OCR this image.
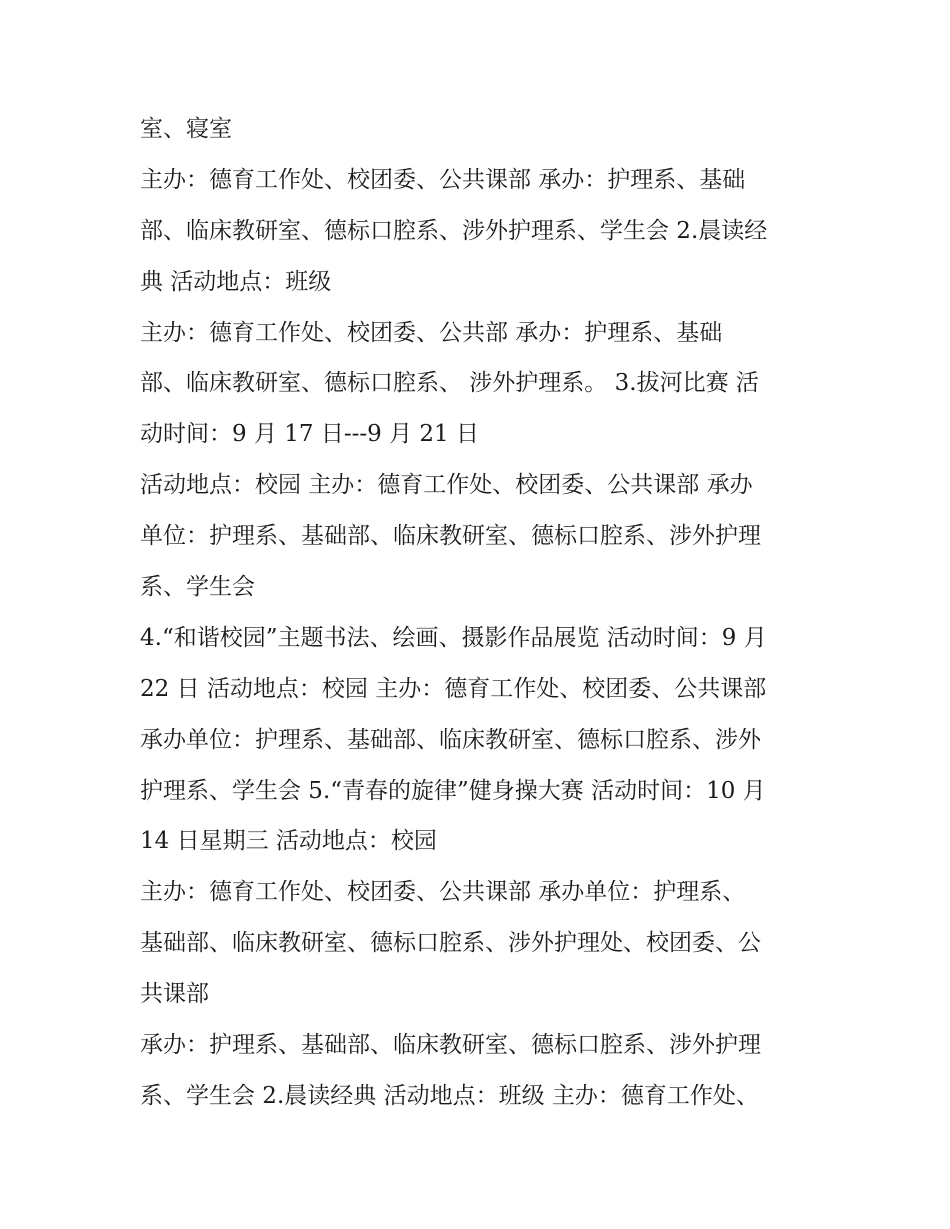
室、寝室
主办：德育工作处、校团委、公共课部 承办：护理系、基础
部、临床教研室、德标口腔系、涉外护理系、学生会 2.晨读经
典 活动地点：班级
主办：德育工作处、校团委、公共部 承办：护理系、基础
部、临床教研室、德标口腔系、 涉外护理系。 3.拔河比赛 活
动时间：9 月 17 日---9 月 21 日
活动地点：校园 主办：德育工作处、校团委、公共课部 承办
单位：护理系、基础部、临床教研室、德标口腔系、涉外护理
系、学生会
4.“和谐校园”主题书法、绘画、摄影作品展览 活动时间：9 月
22 日 活动地点：校园 主办：德育工作处、校团委、公共课部
承办单位：护理系、基础部、临床教研室、德标口腔系、涉外
护理系、学生会 5.“青春的旋律”健身操大赛 活动时间：10 月
14 日星期三 活动地点：校园
主办：德育工作处、校团委、公共课部 承办单位：护理系、
基础部、临床教研室、德标口腔系、涉外护理处、校团委、公
共课部
承办：护理系、基础部、临床教研室、德标口腔系、涉外护理
系、学生会 2.晨读经典 活动地点：班级 主办：德育工作处、
